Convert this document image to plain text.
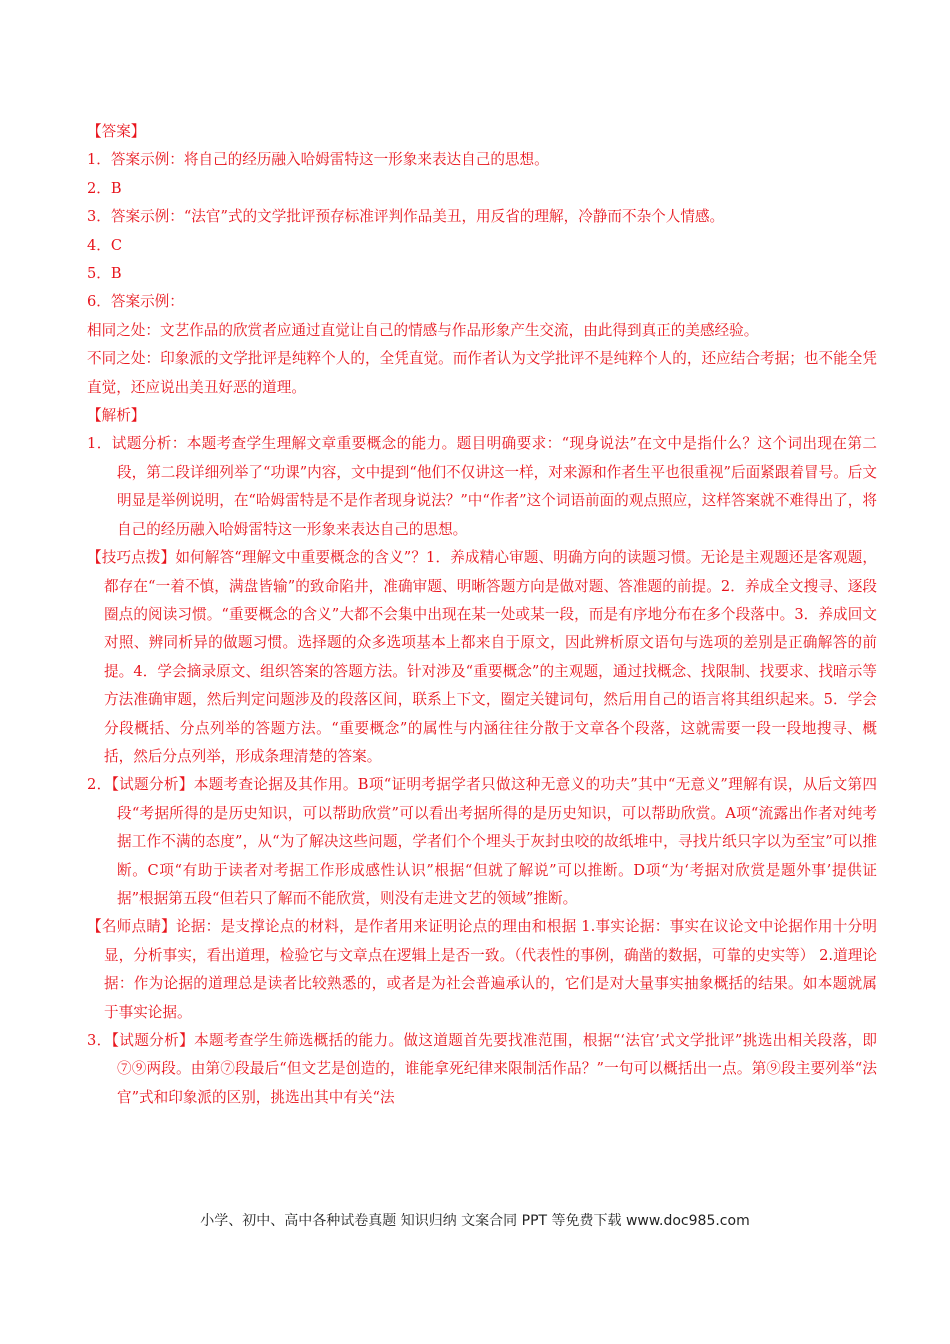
【答案】
1．答案示例：将自己的经历融入哈姆雷特这一形象来表达自己的思想。
2．B
3．答案示例：“法官”式的文学批评预存标准评判作品美丑，用反省的理解，冷静而不杂个人情感。
4．C
5．B
6．答案示例：
相同之处：文艺作品的欣赏者应通过直觉让自己的情感与作品形象产生交流，由此得到真正的美感经验。
不同之处：印象派的文学批评是纯粹个人的，全凭直觉。而作者认为文学批评不是纯粹个人的，还应结合考据；也不能全凭直觉，还应说出美丑好恶的道理。
【解析】
1．试题分析：本题考查学生理解文章重要概念的能力。题目明确要求：“现身说法”在文中是指什么？这个词出现在第二段，第二段详细列举了“功课”内容，文中提到“他们不仅讲这一样，对来源和作者生平也很重视”后面紧跟着冒号。后文明显是举例说明，在“哈姆雷特是不是作者现身说法？”中“作者”这个词语前面的观点照应，这样答案就不难得出了，将自己的经历融入哈姆雷特这一形象来表达自己的思想。
【技巧点拨】如何解答“理解文中重要概念的含义”？1．养成精心审题、明确方向的读题习惯。无论是主观题还是客观题，都存在“一着不慎，满盘皆输”的致命陷井，准确审题、明晰答题方向是做对题、答准题的前提。2．养成全文搜寻、逐段圈点的阅读习惯。“重要概念的含义”大都不会集中出现在某一处或某一段，而是有序地分布在多个段落中。3．养成回文对照、辨同析异的做题习惯。选择题的众多选项基本上都来自于原文，因此辨析原文语句与选项的差别是正确解答的前提。4．学会摘录原文、组织答案的答题方法。针对涉及“重要概念”的主观题，通过找概念、找限制、找要求、找暗示等方法准确审题，然后判定问题涉及的段落区间，联系上下文，圈定关键词句，然后用自己的语言将其组织起来。5．学会分段概括、分点列举的答题方法。“重要概念”的属性与内涵往往分散于文章各个段落，这就需要一段一段地搜寻、概括，然后分点列举，形成条理清楚的答案。
2．【试题分析】本题考查论据及其作用。B项“证明考据学者只做这种无意义的功夫”其中“无意义”理解有误，从后文第四段“考据所得的是历史知识，可以帮助欣赏”可以看出考据所得的是历史知识，可以帮助欣赏。A项“流露出作者对纯考据工作不满的态度”，从“为了解决这些问题，学者们个个埋头于灰封虫咬的故纸堆中，寻找片纸只字以为至宝”可以推断。C项“有助于读者对考据工作形成感性认识”根据“但就了解说”可以推断。D项“为‘考据对欣赏是题外事’提供证据”根据第五段“但若只了解而不能欣赏，则没有走进文艺的领域”推断。
【名师点睛】论据：是支撑论点的材料，是作者用来证明论点的理由和根据 1.事实论据：事实在议论文中论据作用十分明显，分析事实，看出道理，检验它与文章点在逻辑上是否一致。（代表性的事例，确凿的数据，可靠的史实等） 2.道理论据：作为论据的道理总是读者比较熟悉的，或者是为社会普遍承认的，它们是对大量事实抽象概括的结果。如本题就属于事实论据。
3．【试题分析】本题考查学生筛选概括的能力。做这道题首先要找准范围，根据“‘法官’式文学批评”挑选出相关段落，即⑦⑨两段。由第⑦段最后“但文艺是创造的，谁能拿死纪律来限制活作品？”一句可以概括出一点。第⑨段主要列举“法官”式和印象派的区别，挑选出其中有关“法
小学、初中、高中各种试卷真题 知识归纳 文案合同 PPT 等免费下载 www.doc985.com
